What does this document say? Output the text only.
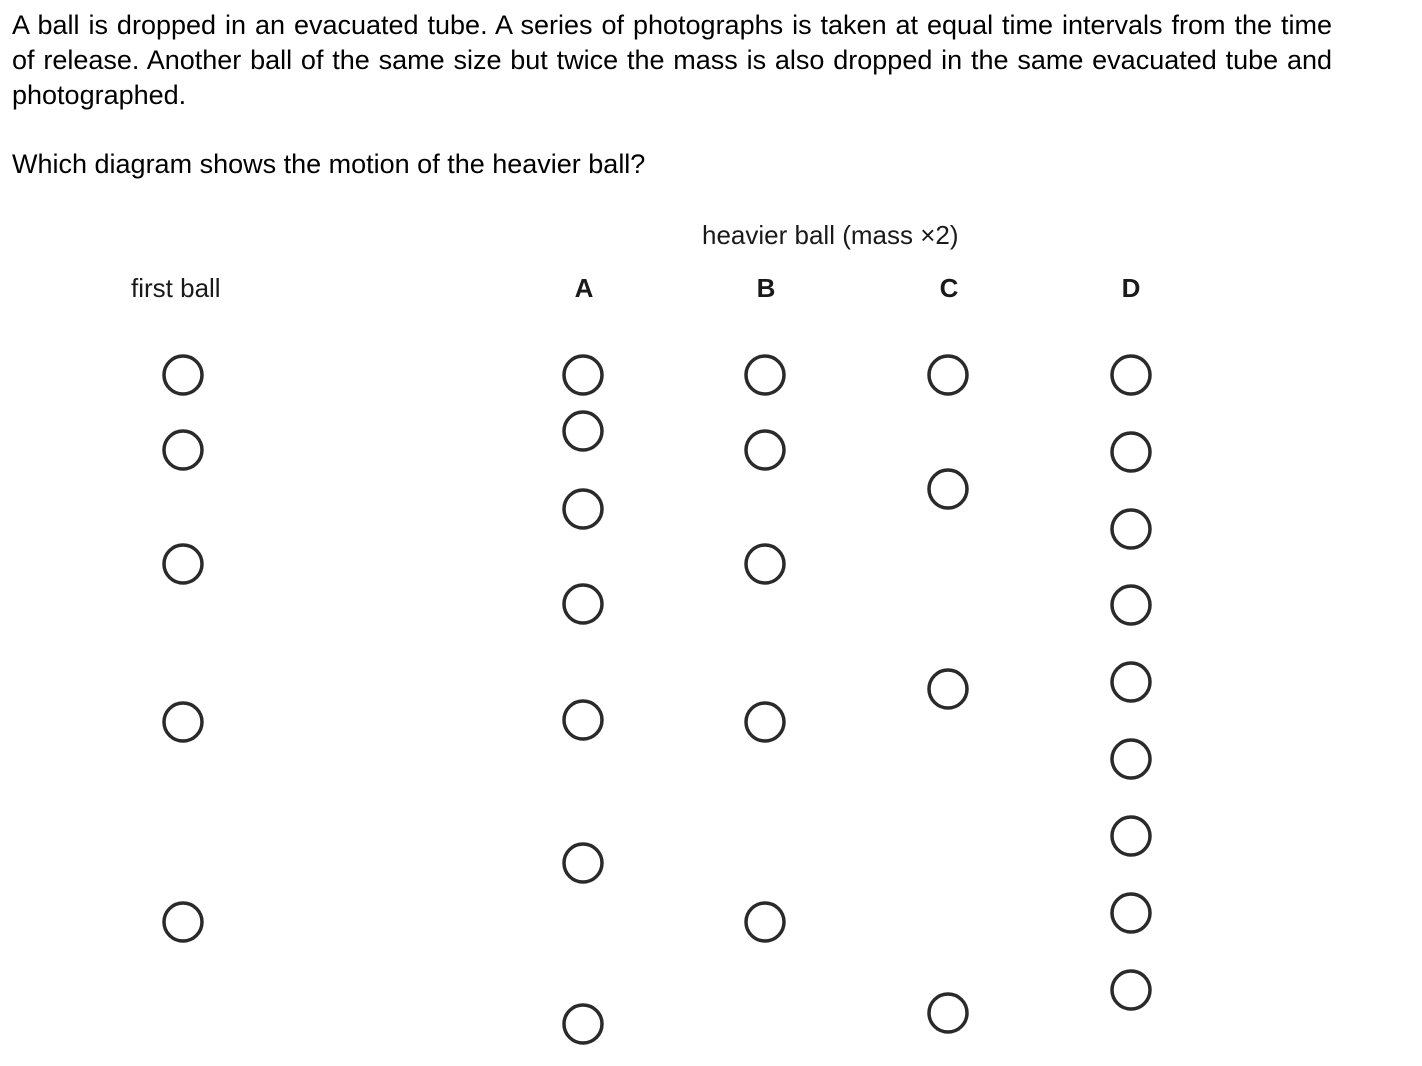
A ball is dropped in an evacuated tube. A series of photographs is taken at equal time intervals from the time of release. Another ball of the same size but twice the mass is also dropped in the same evacuated tube and photographed.

Which diagram shows the motion of the heavier ball?

heavier ball (mass ×2)
first ball	A	B	C	D
